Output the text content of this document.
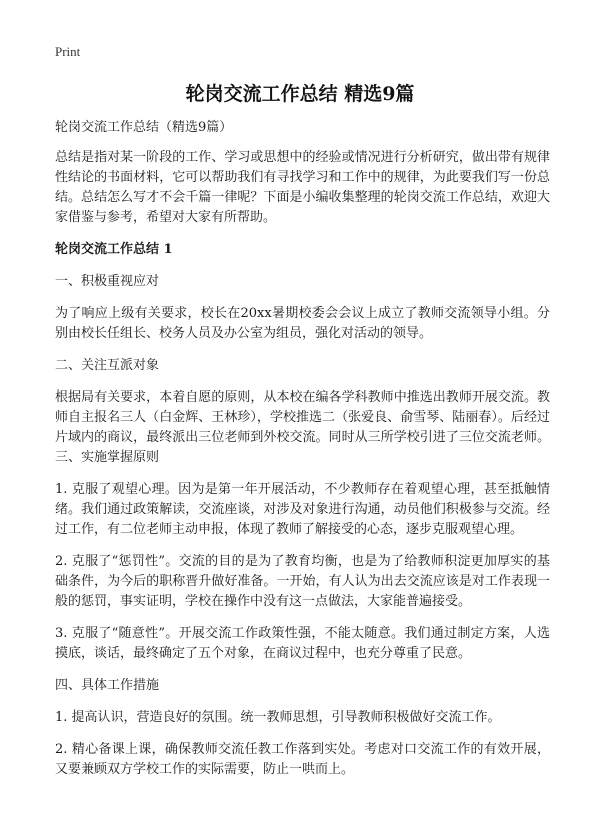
Print
轮岗交流工作总结 精选9篇

轮岗交流工作总结（精选9篇）

总结是指对某一阶段的工作、学习或思想中的经验或情况进行分析研究，做出带有规律性结论的书面材料，它可以帮助我们有寻找学习和工作中的规律，为此要我们写一份总结。总结怎么写才不会千篇一律呢？下面是小编收集整理的轮岗交流工作总结，欢迎大家借鉴与参考，希望对大家有所帮助。

轮岗交流工作总结 1

一、积极重视应对

为了响应上级有关要求，校长在20xx暑期校委会会议上成立了教师交流领导小组。分别由校长任组长、校务人员及办公室为组员，强化对活动的领导。

二、关注互派对象

根据局有关要求，本着自愿的原则，从本校在编各学科教师中推选出教师开展交流。教师自主报名三人（白金辉、王林珍），学校推选二（张爱良、俞雪琴、陆丽春）。后经过片域内的商议，最终派出三位老师到外校交流。同时从三所学校引进了三位交流老师。三、实施掌握原则

1. 克服了观望心理。因为是第一年开展活动，不少教师存在着观望心理，甚至抵触情绪。我们通过政策解读，交流座谈，对涉及对象进行沟通，动员他们积极参与交流。经过工作，有二位老师主动申报，体现了教师了解接受的心态，逐步克服观望心理。

2. 克服了“惩罚性”。交流的目的是为了教育均衡，也是为了给教师积淀更加厚实的基础条件，为今后的职称晋升做好准备。一开始，有人认为出去交流应该是对工作表现一般的惩罚，事实证明，学校在操作中没有这一点做法，大家能普遍接受。

3. 克服了“随意性”。开展交流工作政策性强，不能太随意。我们通过制定方案，人选摸底，谈话，最终确定了五个对象，在商议过程中，也充分尊重了民意。

四、具体工作措施

1. 提高认识，营造良好的氛围。统一教师思想，引导教师积极做好交流工作。

2. 精心备课上课，确保教师交流任教工作落到实处。考虑对口交流工作的有效开展，又要兼顾双方学校工作的实际需要，防止一哄而上。
